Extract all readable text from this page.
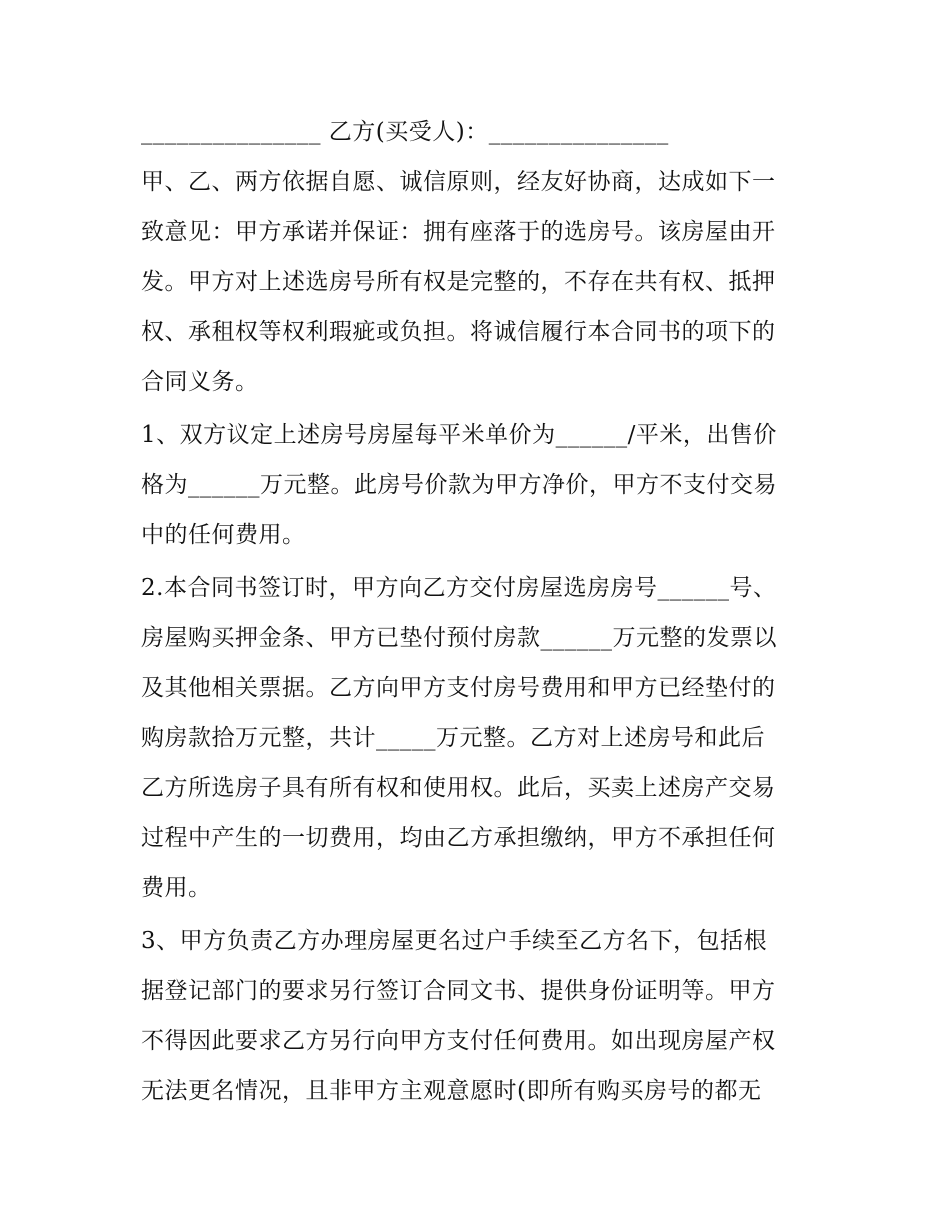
_______________ 乙方(买受人)：_______________

甲、乙、两方依据自愿、诚信原则，经友好协商，达成如下一

致意见：甲方承诺并保证：拥有座落于的选房号。该房屋由开

发。甲方对上述选房号所有权是完整的，不存在共有权、抵押

权、承租权等权利瑕疵或负担。将诚信履行本合同书的项下的

合同义务。

1、双方议定上述房号房屋每平米单价为______/平米，出售价

格为______万元整。此房号价款为甲方净价，甲方不支付交易

中的任何费用。

2.本合同书签订时，甲方向乙方交付房屋选房房号______号、

房屋购买押金条、甲方已垫付预付房款______万元整的发票以

及其他相关票据。乙方向甲方支付房号费用和甲方已经垫付的

购房款拾万元整，共计_____万元整。乙方对上述房号和此后

乙方所选房子具有所有权和使用权。此后，买卖上述房产交易

过程中产生的一切费用，均由乙方承担缴纳，甲方不承担任何

费用。

3、甲方负责乙方办理房屋更名过户手续至乙方名下，包括根

据登记部门的要求另行签订合同文书、提供身份证明等。甲方

不得因此要求乙方另行向甲方支付任何费用。如出现房屋产权

无法更名情况，且非甲方主观意愿时(即所有购买房号的都无
